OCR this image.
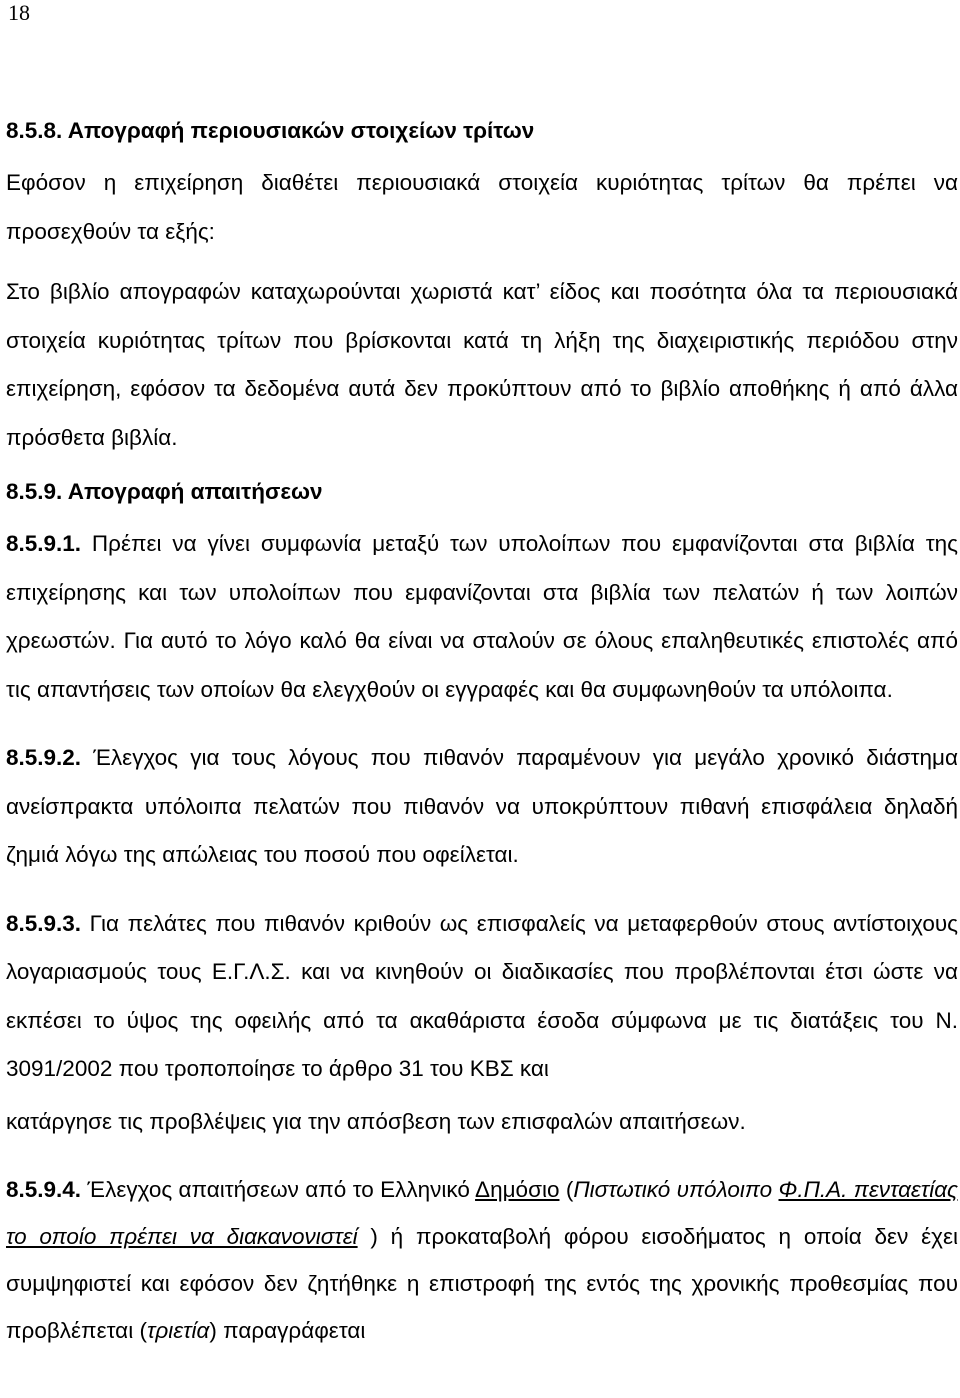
18

8.5.8. Απογραφή περιουσιακών στοιχείων τρίτων

Εφόσον η επιχείρηση διαθέτει περιουσιακά στοιχεία κυριότητας τρίτων θα πρέπει να προσεχθούν τα εξής:

Στο βιβλίο απογραφών καταχωρούνται χωριστά κατ’ είδος και ποσότητα όλα τα περιουσιακά στοιχεία κυριότητας τρίτων που βρίσκονται κατά τη λήξη της διαχειριστικής περιόδου στην επιχείρηση, εφόσον τα δεδομένα αυτά δεν προκύπτουν από το βιβλίο αποθήκης ή από άλλα πρόσθετα βιβλία.

8.5.9. Απογραφή απαιτήσεων

8.5.9.1. Πρέπει να γίνει συμφωνία μεταξύ των υπολοίπων που εμφανίζονται στα βιβλία της επιχείρησης και των υπολοίπων που εμφανίζονται στα βιβλία των πελατών ή των λοιπών χρεωστών. Για αυτό το λόγο καλό θα είναι να σταλούν σε όλους επαληθευτικές επιστολές από τις απαντήσεις των οποίων θα ελεγχθούν οι εγγραφές και θα συμφωνηθούν τα υπόλοιπα.

8.5.9.2. Έλεγχος για τους λόγους που πιθανόν παραμένουν για μεγάλο χρονικό διάστημα ανείσπρακτα υπόλοιπα πελατών που πιθανόν να υποκρύπτουν πιθανή επισφάλεια δηλαδή ζημιά λόγω της απώλειας του ποσού που οφείλεται.

8.5.9.3. Για πελάτες που πιθανόν κριθούν ως επισφαλείς να μεταφερθούν στους αντίστοιχους λογαριασμούς τους Ε.Γ.Λ.Σ. και να κινηθούν οι διαδικασίες που προβλέπονται έτσι ώστε να εκπέσει το ύψος της οφειλής από τα ακαθάριστα έσοδα σύμφωνα με τις διατάξεις του Ν. 3091/2002 που τροποποίησε το άρθρο 31 του ΚΒΣ και

κατάργησε τις προβλέψεις για την απόσβεση των επισφαλών απαιτήσεων.

8.5.9.4. Έλεγχος απαιτήσεων από το Ελληνικό Δημόσιο (Πιστωτικό υπόλοιπο Φ.Π.Α. πενταετίας το οποίο πρέπει να διακανονιστεί ) ή προκαταβολή φόρου εισοδήματος η οποία δεν έχει συμψηφιστεί και εφόσον δεν ζητήθηκε η επιστροφή της εντός της χρονικής προθεσμίας που προβλέπεται (τριετία) παραγράφεται
